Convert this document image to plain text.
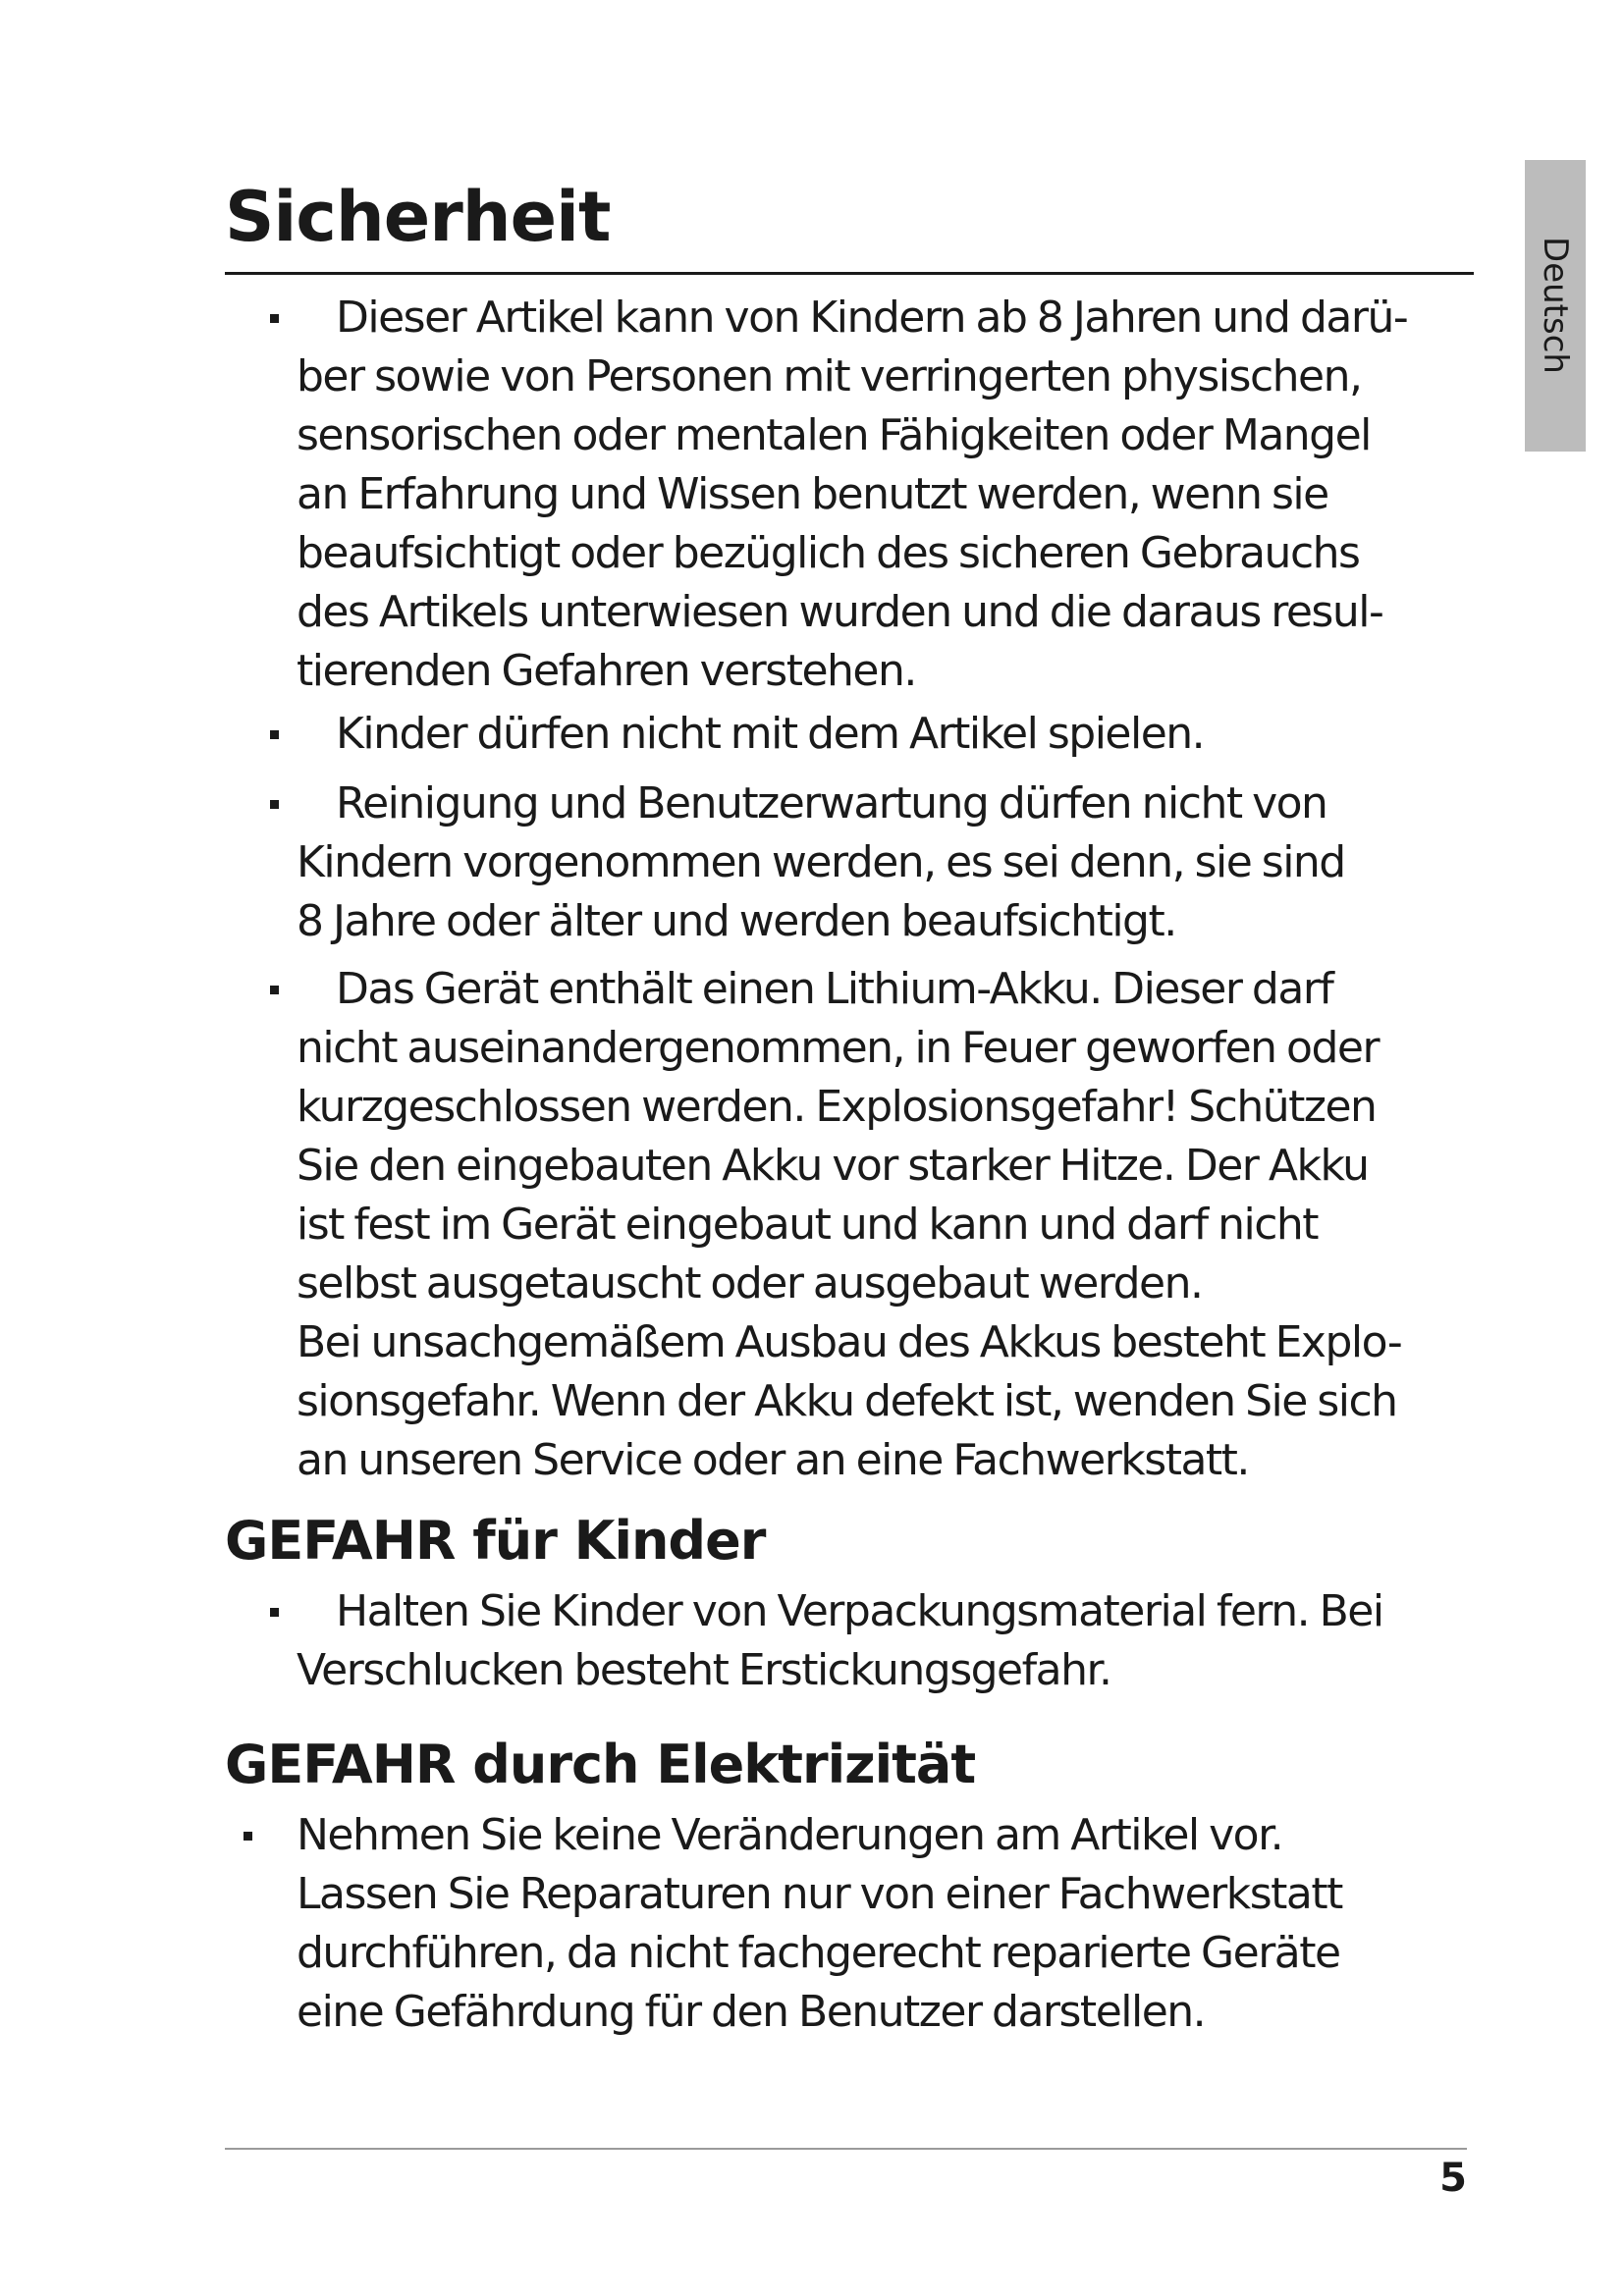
Deutsch
Sicherheit
Dieser Artikel kann von Kindern ab 8 Jahren und darü-
ber sowie von Personen mit verringerten physischen,
sensorischen oder mentalen Fähigkeiten oder Mangel
an Erfahrung und Wissen benutzt werden, wenn sie
beaufsichtigt oder bezüglich des sicheren Gebrauchs
des Artikels unterwiesen wurden und die daraus resul-
tierenden Gefahren verstehen.
Kinder dürfen nicht mit dem Artikel spielen.
Reinigung und Benutzerwartung dürfen nicht von
Kindern vorgenommen werden, es sei denn, sie sind
8 Jahre oder älter und werden beaufsichtigt.
Das Gerät enthält einen Lithium-Akku. Dieser darf
nicht auseinandergenommen, in Feuer geworfen oder
kurzgeschlossen werden. Explosionsgefahr! Schützen
Sie den eingebauten Akku vor starker Hitze. Der Akku
ist fest im Gerät eingebaut und kann und darf nicht
selbst ausgetauscht oder ausgebaut werden.
Bei unsachgemäßem Ausbau des Akkus besteht Explo-
sionsgefahr. Wenn der Akku defekt ist, wenden Sie sich
an unseren Service oder an eine Fachwerkstatt.
GEFAHR für Kinder
Halten Sie Kinder von Verpackungsmaterial fern. Bei
Verschlucken besteht Erstickungsgefahr.
GEFAHR durch Elektrizität
Nehmen Sie keine Veränderungen am Artikel vor.
Lassen Sie Reparaturen nur von einer Fachwerkstatt
durchführen, da nicht fachgerecht reparierte Geräte
eine Gefährdung für den Benutzer darstellen.
5
